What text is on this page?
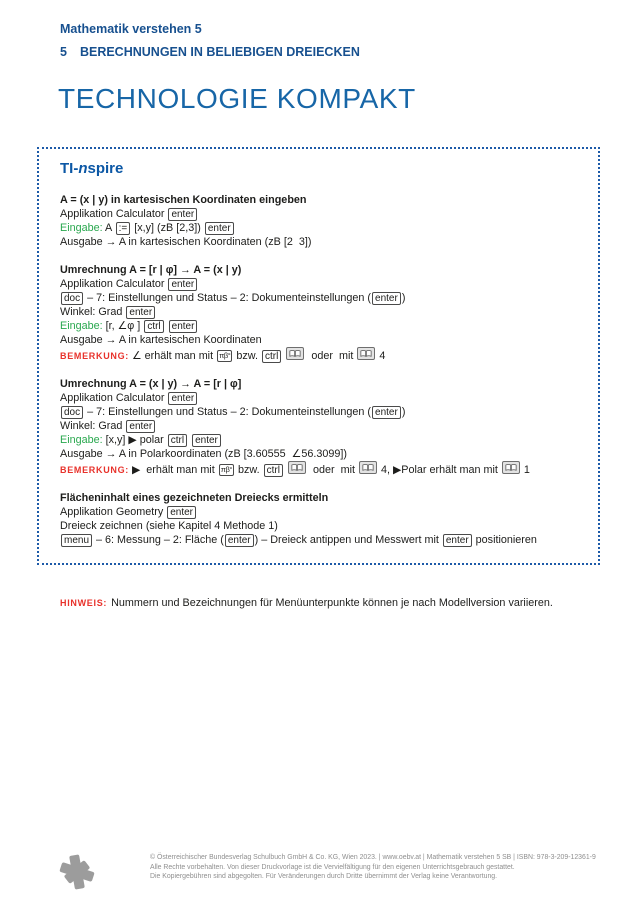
Mathematik verstehen 5
5 BERECHNUNGEN IN BELIEBIGEN DREIECKEN
TECHNOLOGIE KOMPAKT
TI-nspire
A = (x | y) in kartesischen Koordinaten eingeben
Applikation Calculator enter
Eingabe: A := [x,y] (zB [2,3]) enter
Ausgabe → A in kartesischen Koordinaten (zB [2  3])
Umrechnung A = [r | φ] → A = (x | y)
Applikation Calculator enter
doc – 7: Einstellungen und Status – 2: Dokumenteinstellungen ( enter )
Winkel: Grad enter
Eingabe: [r, ∠φ ] ctrl enter
Ausgabe → A in kartesischen Koordinaten
BEMERKUNG: ∠ erhält man mit πβ° bzw. ctrl	oder  mit
4
Umrechnung A = (x | y) → A = [r | φ]
Applikation Calculator enter
doc – 7: Einstellungen und Status – 2: Dokumenteinstellungen ( enter )
Winkel: Grad enter
Eingabe: [x,y] ▶ polar ctrl enter
Ausgabe → A in Polarkoordinaten (zB [3.60555  ∠56.3099])
BEMERKUNG: ▶  erhält man mit πβ° bzw. ctrl	oder  mit
4, ▶Polar erhält man mit
1
Flächeninhalt eines gezeichneten Dreiecks ermitteln
Applikation Geometry enter
Dreieck zeichnen (siehe Kapitel 4 Methode 1)
menu – 6: Messung – 2: Fläche ( enter ) – Dreieck antippen und Messwert mit enter positionieren
HINWEIS: Nummern und Bezeichnungen für Menüunterpunkte können je nach Modellversion variieren.
© Österreichischer Bundesverlag Schulbuch GmbH & Co. KG, Wien 2023. | www.oebv.at | Mathematik verstehen 5 SB | ISBN: 978-3-209-12361-9
Alle Rechte vorbehalten. Von dieser Druckvorlage ist die Vervielfältigung für den eigenen Unterrichtsgebrauch gestattet.
Die Kopiergebühren sind abgegolten. Für Veränderungen durch Dritte übernimmt der Verlag keine Verantwortung.
